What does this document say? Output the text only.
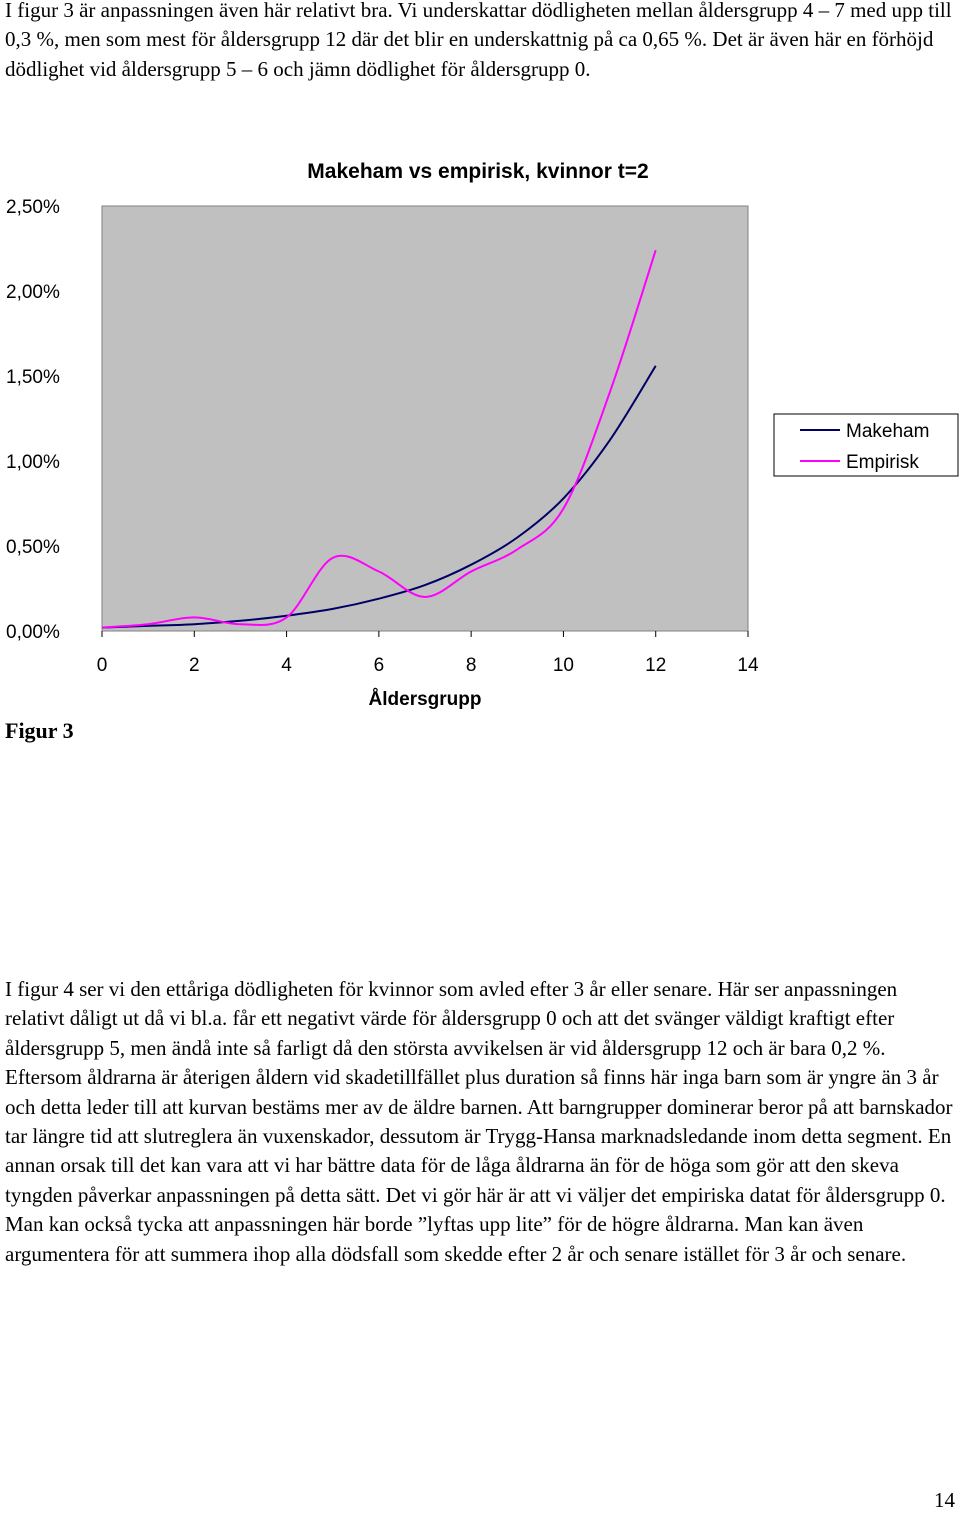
I figur 3 är anpassningen även här relativt bra. Vi underskattar dödligheten mellan åldersgrupp 4 – 7 med upp till 0,3 %, men som mest för åldersgrupp 12 där det blir en underskattnig på ca 0,65 %. Det är även här en förhöjd dödlighet vid åldersgrupp 5 – 6 och jämn dödlighet för åldersgrupp 0.

0,00%
0,50%
1,00%
1,50%
2,00%
2,50%
0	2	4	6	8	10	12	14
Makeham vs empirisk, kvinnor t=2
Åldersgrupp
Makeham
Empirisk

Figur 3

I figur 4 ser vi den ettåriga dödligheten för kvinnor som avled efter 3 år eller senare. Här ser anpassningen relativt dåligt ut då vi bl.a. får ett negativt värde för åldersgrupp 0 och att det svänger väldigt kraftigt efter åldersgrupp 5, men ändå inte så farligt då den största avvikelsen är vid åldersgrupp 12 och är bara 0,2 %. Eftersom åldrarna är återigen åldern vid skadetillfället plus duration så finns här inga barn som är yngre än 3 år och detta leder till att kurvan bestäms mer av de äldre barnen. Att barngrupper dominerar beror på att barnskador tar längre tid att slutreglera än vuxenskador, dessutom är Trygg-Hansa marknadsledande inom detta segment. En annan orsak till det kan vara att vi har bättre data för de låga åldrarna än för de höga som gör att den skeva tyngden påverkar anpassningen på detta sätt. Det vi gör här är att vi väljer det empiriska datat för åldersgrupp 0.
Man kan också tycka att anpassningen här borde ”lyftas upp lite” för de högre åldrarna. Man kan även argumentera för att summera ihop alla dödsfall som skedde efter 2 år och senare istället för 3 år och senare.

14
